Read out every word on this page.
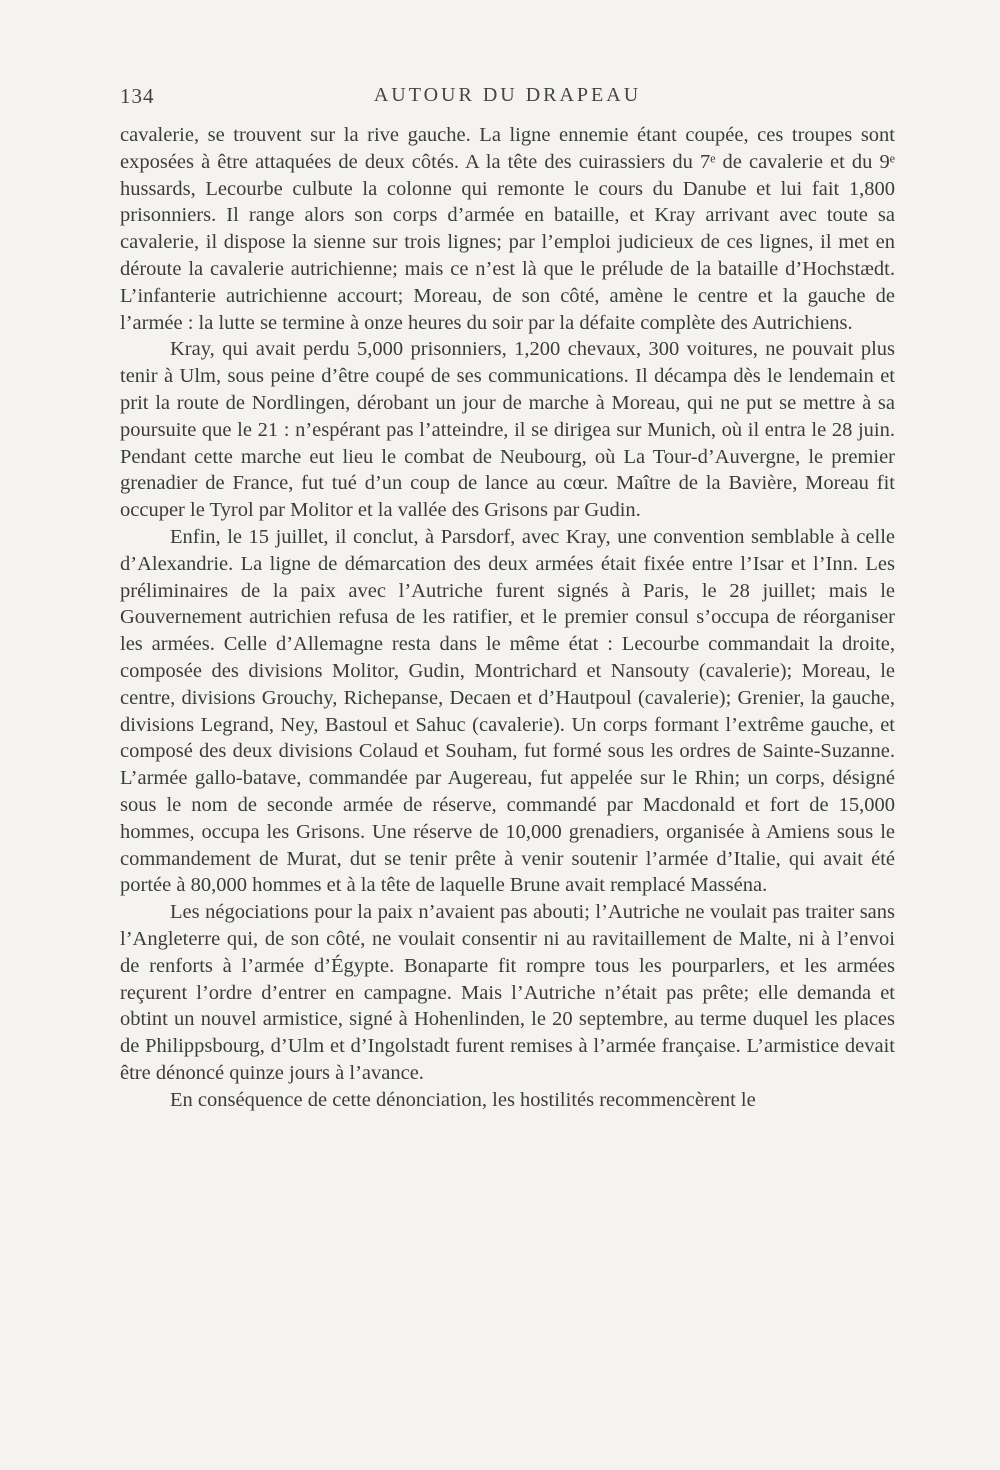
134	AUTOUR DU DRAPEAU

cavalerie, se trouvent sur la rive gauche. La ligne ennemie étant coupée, ces troupes sont exposées à être attaquées de deux côtés. A la tête des cuirassiers du 7ᵉ de cavalerie et du 9ᵉ hussards, Lecourbe culbute la colonne qui remonte le cours du Danube et lui fait 1,800 prisonniers. Il range alors son corps d’armée en bataille, et Kray arrivant avec toute sa cavalerie, il dispose la sienne sur trois lignes; par l’emploi judicieux de ces lignes, il met en déroute la cavalerie autrichienne; mais ce n’est là que le prélude de la bataille d’Hochstædt. L’infanterie autrichienne accourt; Moreau, de son côté, amène le centre et la gauche de l’armée : la lutte se termine à onze heures du soir par la défaite complète des Autrichiens.

Kray, qui avait perdu 5,000 prisonniers, 1,200 chevaux, 300 voitures, ne pouvait plus tenir à Ulm, sous peine d’être coupé de ses communications. Il décampa dès le lendemain et prit la route de Nordlingen, dérobant un jour de marche à Moreau, qui ne put se mettre à sa poursuite que le 21 : n’espérant pas l’atteindre, il se dirigea sur Munich, où il entra le 28 juin. Pendant cette marche eut lieu le combat de Neubourg, où La Tour-d’Auvergne, le premier grenadier de France, fut tué d’un coup de lance au cœur. Maître de la Bavière, Moreau fit occuper le Tyrol par Molitor et la vallée des Grisons par Gudin.

Enfin, le 15 juillet, il conclut, à Parsdorf, avec Kray, une convention semblable à celle d’Alexandrie. La ligne de démarcation des deux armées était fixée entre l’Isar et l’Inn. Les préliminaires de la paix avec l’Autriche furent signés à Paris, le 28 juillet; mais le Gouvernement autrichien refusa de les ratifier, et le premier consul s’occupa de réorganiser les armées. Celle d’Allemagne resta dans le même état : Lecourbe commandait la droite, composée des divisions Molitor, Gudin, Montrichard et Nansouty (cavalerie); Moreau, le centre, divisions Grouchy, Richepanse, Decaen et d’Hautpoul (cavalerie); Grenier, la gauche, divisions Legrand, Ney, Bastoul et Sahuc (cavalerie). Un corps formant l’extrême gauche, et composé des deux divisions Colaud et Souham, fut formé sous les ordres de Sainte-Suzanne. L’armée gallo-batave, commandée par Augereau, fut appelée sur le Rhin; un corps, désigné sous le nom de seconde armée de réserve, commandé par Macdonald et fort de 15,000 hommes, occupa les Grisons. Une réserve de 10,000 grenadiers, organisée à Amiens sous le commandement de Murat, dut se tenir prête à venir soutenir l’armée d’Italie, qui avait été portée à 80,000 hommes et à la tête de laquelle Brune avait remplacé Masséna.

Les négociations pour la paix n’avaient pas abouti; l’Autriche ne voulait pas traiter sans l’Angleterre qui, de son côté, ne voulait consentir ni au ravitaillement de Malte, ni à l’envoi de renforts à l’armée d’Égypte. Bonaparte fit rompre tous les pourparlers, et les armées reçurent l’ordre d’entrer en campagne. Mais l’Autriche n’était pas prête; elle demanda et obtint un nouvel armistice, signé à Hohenlinden, le 20 septembre, au terme duquel les places de Philippsbourg, d’Ulm et d’Ingolstadt furent remises à l’armée française. L’armistice devait être dénoncé quinze jours à l’avance.

En conséquence de cette dénonciation, les hostilités recommencèrent le
